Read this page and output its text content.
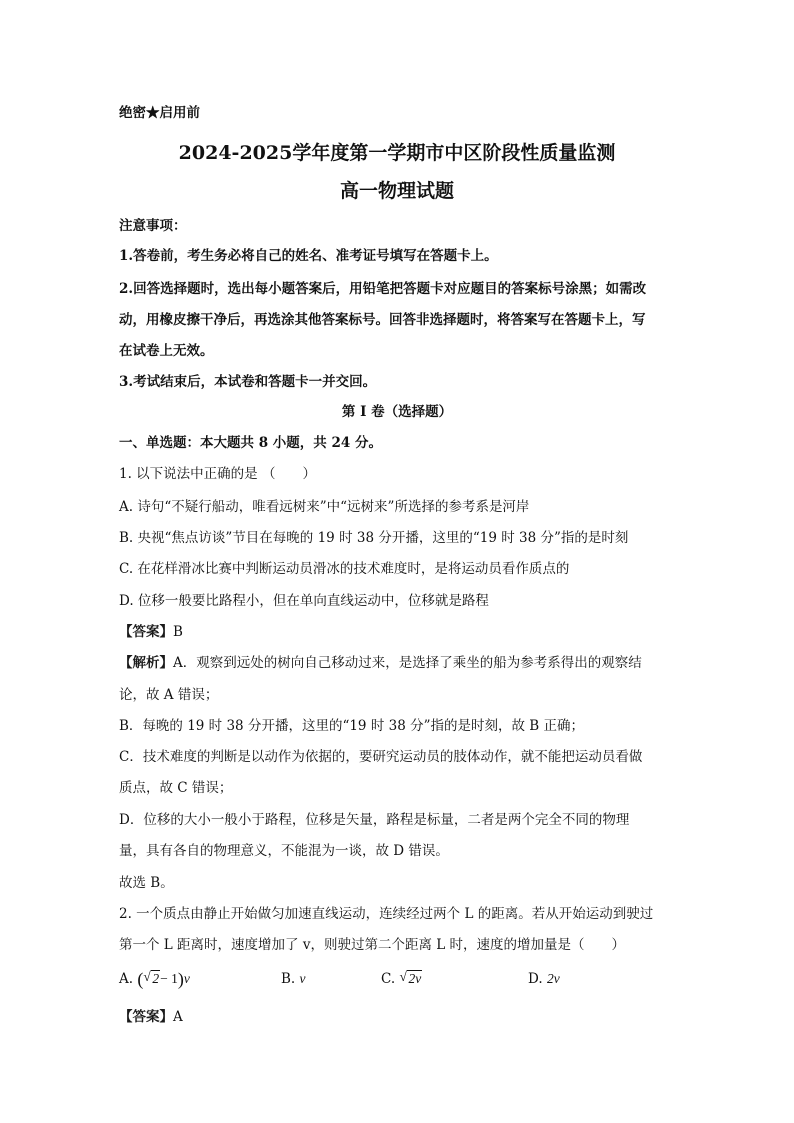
绝密★启用前
2024-2025学年度第一学期市中区阶段性质量监测
高一物理试题
注意事项：
1.答卷前，考生务必将自己的姓名、准考证号填写在答题卡上。
2.回答选择题时，选出每小题答案后，用铅笔把答题卡对应题目的答案标号涂黑；如需改
动，用橡皮擦干净后，再选涂其他答案标号。回答非选择题时，将答案写在答题卡上，写
在试卷上无效。
3.考试结束后，本试卷和答题卡一并交回。
第 I 卷（选择题）
一、单选题：本大题共 8 小题，共 24 分。
1. 以下说法中正确的是 （　　）
A. 诗句“不疑行船动，唯看远树来”中“远树来”所选择的参考系是河岸
B. 央视“焦点访谈”节目在每晚的 19 时 38 分开播，这里的“19 时 38 分”指的是时刻
C. 在花样滑冰比赛中判断运动员滑冰的技术难度时，是将运动员看作质点的
D. 位移一般要比路程小，但在单向直线运动中，位移就是路程
【答案】B
【解析】A．观察到远处的树向自己移动过来，是选择了乘坐的船为参考系得出的观察结
论，故 A 错误；
B．每晚的 19 时 38 分开播，这里的“19 时 38 分”指的是时刻，故 B 正确；
C．技术难度的判断是以动作为依据的，要研究运动员的肢体动作，就不能把运动员看做
质点，故 C 错误；
D．位移的大小一般小于路程，位移是矢量，路程是标量，二者是两个完全不同的物理
量，具有各自的物理意义，不能混为一谈，故 D 错误。
故选 B。
2. 一个质点由静止开始做匀加速直线运动，连续经过两个 L 的距离。若从开始运动到驶过
第一个 L 距离时，速度增加了 v，则驶过第二个距离 L 时，速度的增加量是（　　）
A. ( √ 2− 1)v	B. v	C. √ 2v	D. 2v
【答案】A
